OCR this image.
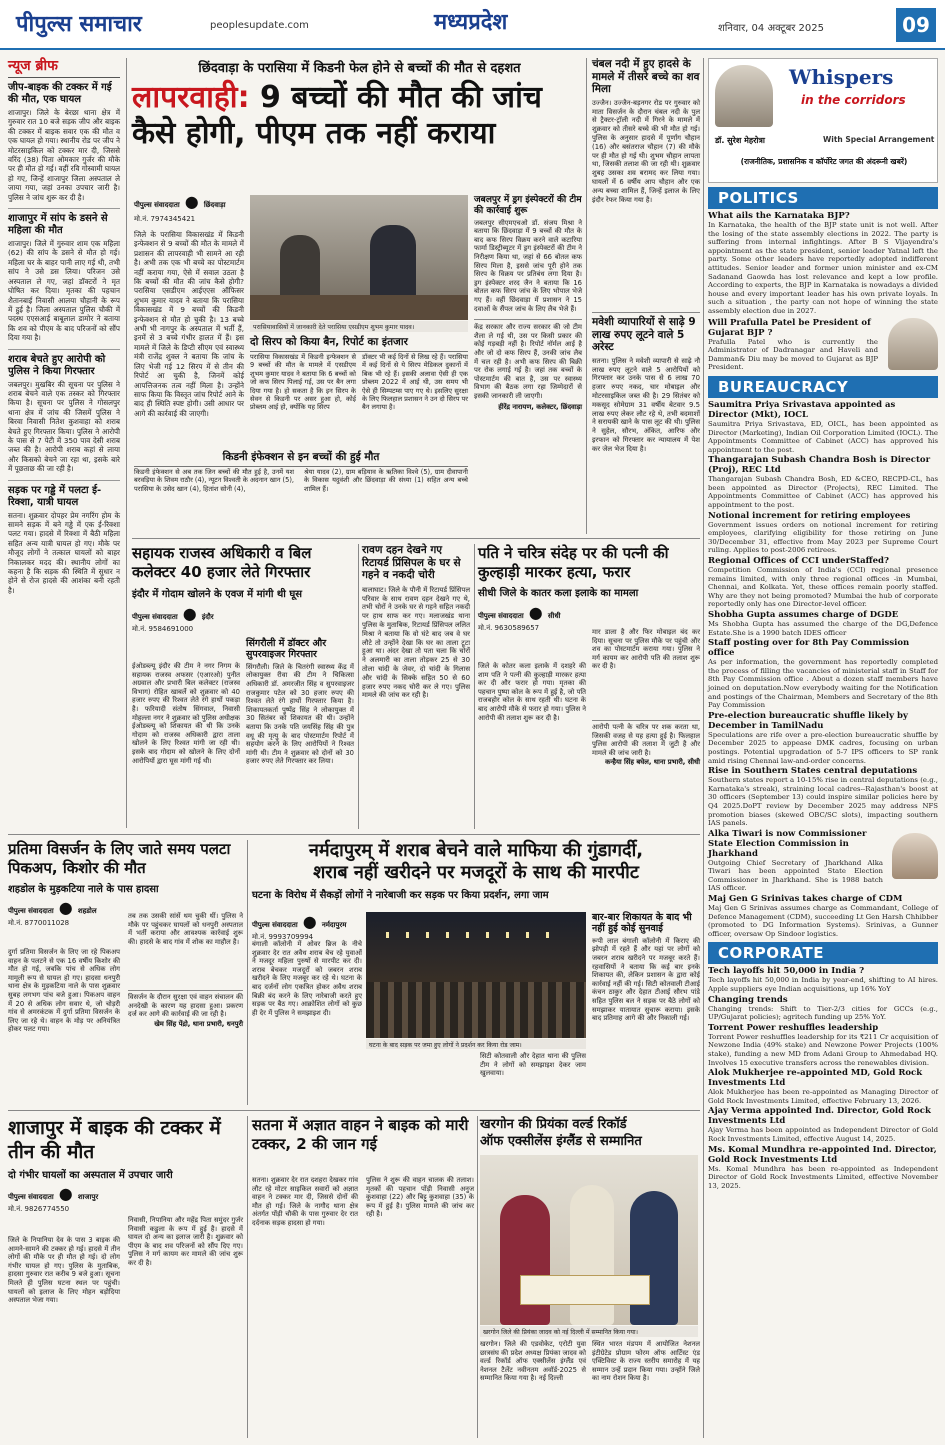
पीपुल्स समाचार	peoplesupdate.com	मध्यप्रदेश	शनिवार, 04 अक्टूबर 2025	09
न्यूज ब्रीफ
जीप-बाइक की टक्कर में गई की मौत, एक घायल
शाजापुर। जिले के बेरछा थाना क्षेत्र में गुरुवार रात 10 बजे सड़क जीप और बाइक की टक्कर में बाइक सवार एक की मौत व एक घायल हो गया। स्थानीय रोड पर जीप ने मोटरसाइकिल को टक्कर मार दी, जिससे वरिंद (38) पिता ओमकार गुर्जर की मौके पर ही मौत हो गई। वहीं रवि गोस्वामी घायल हो गए, जिन्हें शाजापुर जिला अस्पताल ले जाया गया, जहां उनका उपचार जारी है। पुलिस ने जांच शुरू कर दी है।
शाजापुर में सांप के डसने से महिला की मौत
शाजापुर। जिले में गुरुवार शाम एक महिला (62) की सांप के डसने से मौत हो गई। महिला घर के बाहर पानी लाए गई थी, तभी सांप ने उसे डस लिया। परिजन उसे अस्पताल ले गए, जहां डॉक्टरों ने मृत घोषित कर दिया। मृतका की पहचान शैतानबाई निवासी आलया चौहानी के रूप में हुई है। जिला अस्पताल पुलिस चौकी में पदस्थ एएसआई बाबूलाल डामोर ने बताया कि शव को पीएम के बाद परिजनों को सौंप दिया गया है।
शराब बेचते हुए आरोपी को पुलिस ने किया गिरफ्तार
जबलपुर। मुखबिर की सूचना पर पुलिस ने शराब बेचने वाले एक तस्कर को गिरफ्तार किया है। सूचना पर पुलिस ने गोसलपुर थाना क्षेत्र में जांच की जिसमें पुलिस ने बिरवा निवासी नितेश कुशवाहा को शराब बेचते हुए गिरफ्तार किया। पुलिस ने आरोपी के पास से 7 पेटी में 350 पाव देसी शराब जब्त की है। आरोपी शराब कहां से लाया और किसको बेचने जा रहा था, इसके बारे में पूछताछ की जा रही है।
सड़क पर गड्ढे में पलटा ई-रिक्शा, यात्री घायल
सतना। शुक्रवार दोपहर प्रेम नगरिंग होम के सामने सड़क में बने गड्ढे में एक ई-रिक्शा पलट गया। हादसे में रिक्शा में बैठी महिला सहित अन्य यात्री घायल हो गए। मौके पर मौजूद लोगों ने तत्काल घायलों को बाहर निकालकर मदद की। स्थानीय लोगों का कहना है कि सड़क की स्थिति में सुधार न होने से रोज हादसे की आशंका बनी रहती है।
छिंदवाड़ा के परासिया में किडनी फेल होने से बच्चों की मौत से दहशत
लापरवाही: 9 बच्चों की मौत की जांच
कैसे होगी, पीएम तक नहीं कराया
पीपुल्स संवाददाता ● छिंदवाड़ा
मो.नं. 7974345421
जिले के परासिया विकासखंड में किडनी इन्फेक्शन से 9 बच्चों की मौत के मामले में प्रशासन की लापरवाही भी सामने आ रही है। अभी तक एक भी बच्चे का पोस्टमार्टम नहीं कराया गया, ऐसे में सवाल उठता है कि बच्चों की मौत की जांच कैसे होगी? परासिया एसडीएम आईएएस ऑफिसर शुभम कुमार यादव ने बताया कि परासिया विकासखंड में 9 बच्चों की किडनी इन्फेक्शन से मौत हो चुकी है। 13 बच्चे अभी भी नागपुर के अस्पताल में भर्ती हैं, इनमें से 3 बच्चे गंभीर हालत में हैं। इस मामले में जिले के डिप्टी सीएम एवं स्वास्थ्य मंत्री राजेंद्र शुक्ल ने बताया कि जांच के लिए भेजी गई 12 सिरप में से तीन की रिपोर्ट आ चुकी है, जिनमें कोई आपत्तिजनक तत्व नहीं मिला है। उन्होंने साफ किया कि विस्तृत जांच रिपोर्ट आने के बाद ही स्थिति स्पष्ट होगी। उसी आधार पर आगे की कार्रवाई की जाएगी।
परासियावासियों में जानकारी देते परासिया एसडीएम शुभम कुमार यादव।
दो सिरप को किया बैन, रिपोर्ट का इंतजार
परासिया विकासखंड में किडनी इन्फेक्शन से 9 बच्चों की मौत के मामले में एसडीएम शुभम कुमार यादव ने बताया कि 6 बच्चों को जो कफ सिरप पिलाई गई, उस पर बैन लगा दिया गया है। हो सकता है कि इन सिरप के सेवन से किडनी पर असर हुआ हो, कोई प्रोब्लम आई हो, क्योंकि यह सिरप
डॉक्टर भी कई दिनों से लिख रहे हैं। परासिया में कई दिनों से ये सिरप मेडिकल दुकानों में बिक भी रहे हैं। इसकी अलावा ऐसी ही एक प्रोब्लम 2022 में आई थी, उस समय भी ऐसे ही सिम्पटम्स पाए गए थे। इसलिए सुरक्षा के लिए फिलहाल प्रशासन ने उन दो सिरप पर बैन लगाया है।
किडनी इंफेक्शन से इन बच्चों की हुई मौत
किडनी इंफेक्शन से अब तक जिन बच्चों की मौत हुई है, उनमें यश बरवड़िया के शिवम राठौर (4), न्यूटन विश्वती के अदनान खान (5), परासिया के उसेद खान (4), हितांश सोनी (4),
श्रेया यादव (2), ग्राम बड़ियाव के ऋतिका विश्वे (5), ग्राम दीवापानी के विकास यदुवंशी और छिंदवाड़ा की संध्या (1) सहित अन्य बच्चे शामिल हैं।
जबलपुर में ड्रग इंस्पेक्टरों की टीम की कार्रवाई शुरू
जबलपुर सीएमएचओ डॉ. संजय मिश्रा ने बताया कि छिंदवाड़ा में 9 बच्चों की मौत के बाद कफ सिरप विक्रय करने वाले कटारिया फार्मा डिस्ट्रीब्यूटर में ड्रग इंस्पेक्टरों की टीम ने निरीक्षण किया था, जहां से 66 बोतल कफ सिरप मिला है, इससे जांच पूरी होने तक सिरप के विक्रय पर प्रतिबंध लगा दिया है। ड्रग इंस्पेक्टर शरद जैन ने बताया कि 16 बोतल कफ सिरप जांच के लिए भोपाल भेजे गए हैं। वहीं छिंदवाड़ा में प्रशासन ने 15 दवाओं के सैंपल जांच के लिए लैब भेजे हैं।
केंद्र सरकार और राज्य सरकार की जो टीम शैला ले गई थी, उस पर किसी प्रकार की कोई गड़बड़ी नहीं है। रिपोर्ट नॉर्मल आई है और जो दो कफ सिरप हैं, उनकी जांच लैब में चल रही है। अभी कफ सिरप की बिक्री पर रोक लगाई गई है। जहां तक बच्चों के पोस्टमार्टम की बात है, उस पर स्वास्थ्य विभाग की बैठक लगा रहा जिम्मेदारों से इसकी जानकारी ली जाएगी।
हीरेंद्र नारायण, कलेक्टर, छिंदवाड़ा
चंबल नदी में हुए हादसे के मामले में तीसरे बच्चे का शव मिला
उज्जैन। उज्जैन-बड़नगर रोड पर गुरुवार को माता विसर्जन के दौरान चंबल नदी के पुल से ट्रैक्टर-ट्रॉली नदी में गिरने के मामले में शुक्रवार को तीसरे बच्चे की भी मौत हो गई। पुलिस के अनुसार हादसे में पूर्णांग चौहान (16) और बसंतराज चौहान (7) की मौके पर ही मौत हो गई थी। शुभम चौहान लापता था, जिसकी तलाश की जा रही थी। शुक्रवार शुबह उसका शव बरामद कर लिया गया। घायलों में 6 वर्षीय आप चौहान और एक अन्य बच्चा शामिल हैं, जिन्हें इलाज के लिए इंदौर रेफर किया गया है।
मवेशी व्यापारियों से साढ़े 9 लाख रुपए लूटने वाले 5 अरेस्ट
सतना। पुलिस ने मवेशी व्यापारी से साढ़े नौ लाख रुपए लूटने वाले 5 आरोपियों को गिरफ्तार कर उनके पास से 6 लाख 70 हजार रुपए नकद, चार मोबाइल और मोटरसाइकिल जब्त की है। 29 सितंबर को मकसूद सोमेग्राम 31 वर्षीय बेटवार 9.5 लाख रुपए लेकर लौट रहे थे, तभी बदमाशों ने सरायकी खाने के पास लूट की थी। पुलिस ने सुहेल, सौरभ, अंकित, आरिफ और इरफान को गिरफ्तार कर न्यायालय में पेश कर जेल भेज दिया है।
Whispers
in the corridors
डॉ. सुरेश मेहरोत्रा	With Special Arrangement
(राजनीतिक, प्रशासनिक व कॉर्पोरेट जगत की अंदरूनी खबरें)
POLITICS
What ails the Karnataka BJP?
In Karnataka, the health of the BJP state unit is not well. After the losing of the state assembly elections in 2022. The party is suffering from internal infightings. After B S Vijayendra's appointment as the state president, senior leader Yatnal left the party. Some other leaders have reportedly adopted indifferent attitudes. Senior leader and former union minister and ex-CM Sadanand Gaowda has lost relevance and kept a low profile. According to experts, the BJP in Karnataka is nowadays a divided house and every important leader has his own private loyals. In such a situation , the party can not hope of winning the state assembly election due in 2027.
Will Prafulla Patel be President of Gujarat BJP ?
Prafulla Patel who is currently the Administrator of Dadranagar and Haveli and Damman& Diu may be moved to Gujarat as BJP President.
BUREAUCRACY
Saumitra Priya Srivastava appointed as Director (Mkt), IOCL
Saumitra Priya Srivastava, ED, OICL, has been appointed as Director (Marketing), Indian Oil Corporation Limited (IOCL). The Appointments Committee of Cabinet (ACC) has approved his appointment to the post.
Thangarajan Subash Chandra Bosh is Director (Proj), REC Ltd
Thangarajan Subash Chandra Bosh, ED &CEO, RECPD-CL, has been appointed as Director (Projects), REC Limited. The Appointments Committee of Cabinet (ACC) has approved his appointment to the post.
Notional increment for retiring employees
Government issues orders on notional increment for retiring employees, clarifying eligibility for those retiring on June 30/December 31, effective from May 2023 per Supreme Court ruling. Applies to post-2006 retirees.
Regional Offices of CCI underStaffed?
Competition Commission of India's (CCI) regional presence remains limited, with only three regional offices -in Mumbai, Chennai, and Kolkata. Yet, these offices remain poorly staffed. Why are they not being promoted? Mumbai the hub of corporate reportedly only has one Director-level officer.
Shobha Gupta assumes charge of DGDE
Ms Shobha Gupta has assumed the charge of the DG,Defence Estate.She is a 1990 batch IDES officer
Staff posting over for 8th Pay Commission office
As per information, the government has reportedly completed the process of filling the vacancies of ministerial staff in Staff for 8th Pay Commission office . About a dozen staff members have joined on deputation.Now everybody waiting for the Notification and postings of the Chairman, Members and Secretary of the 8th Pay Commission
Pre-election bureaucratic shuffle likely by December in TamilNadu
Speculations are rife over a pre-election bureaucratic shuffle by December 2025 to appease DMK cadres, focusing on urban postings. Potential upgradation of 5-7 IPS officers to SP rank amid rising Chennai law-and-order concerns.
Rise in Southern States central deputations
Southern states report a 10-15% rise in central deputations (e.g., Karnataka's streak), straining local cadres--Rajasthan's boost at 30 officers (September 13) could inspire similar policies here by Q4 2025.DoPT review by December 2025 may address NFS promotion biases (skewed OBC/SC slots), impacting southern IAS panels.
Alka Tiwari is now Commissioner State Election Commission in Jharkhand
Outgoing Chief Secretary of Jharkhand Alka Tiwari has been appointed State Election Commissioner in Jharkhand. She is 1988 batch IAS officer.
Maj Gen G Srinivas takes charge of CDM
Maj Gen G Srinivas assumes charge as Commandant, College of Defence Management (CDM), succeeding Lt Gen Harsh Chhibber (promoted to DG Information Systems). Srinivas, a Gunner officer, oversaw Op Sindoor logistics.
CORPORATE
Tech layoffs hit 50,000 in India ?
Tech layoffs hit 50,000 in India by year-end, shifting to AI hires. Apple suppliers eye Indian acquisitions, up 16% YoY
Changing trends
Changing trends: Shift to Tier-2/3 cities for GCCs (e.g., UP/Gujarat policies); agritech funding up 25% YoY.
Torrent Power reshuffles leadership
Torrent Power reshuffles leadership for its ₹211 Cr acquisition of Newzone India (49% stake) and Newzone Power Projects (100% stake), funding a new MD from Adani Group to Ahmedabad HQ. Involves 15 executive transfers across the renewables division.
Alok Mukherjee re-appointed MD, Gold Rock Investments Ltd
Alok Mukherjee has been re-appointed as Managing Director of Gold Rock Investments Limited, effective February 13, 2026.
Ajay Verma appointed Ind. Director, Gold Rock Investments Ltd
Ajay Verma has been appointed as Independent Director of Gold Rock Investments Limited, effective August 14, 2025.
Ms. Komal Mundhra re-appointed Ind. Director, Gold Rock Investments Ltd
Ms. Komal Mundhra has been re-appointed as Independent Director of Gold Rock Investments Limited, effective November 13, 2025.
सहायक राजस्व अधिकारी व बिल कलेक्टर 40 हजार लेते गिरफ्तार
इंदौर में गोदाम खोलने के एवज में मांगी थी घूस
पीपुल्स संवाददाता ● इंदौर
मो.नं. 9584691000
ईओडब्ल्यू इंदौर की टीम ने नगर निगम के सहायक राजस्व अफसर (एआरओ) पुनीत अग्रवाल और प्रभारी बिल कलेक्टर (राजस्व विभाग) रोहित खाबर्ले को शुक्रवार को 40 हजार रुपए की रिश्वत लेते रंगे हाथों पकड़ा है। फरियादी संतोष सिंगवाल, निवासी मोहल्ला नगर ने शुक्रवार को पुलिस अधीक्षक ईओडब्ल्यू को शिकायत की थी कि उनके गोदाम को राजस्व अधिकारी द्वारा ताला खोलने के लिए रिश्वत मांगी जा रही थी। इसके बाद गोदाम को खोलने के लिए दोनों आरोपियों द्वारा घूस मांगी गई थी।
सिंगरौली में डॉक्टर और सुपरवाइजर गिरफ्तार
सिंगरौली। जिले के चितरंगी स्वास्थ्य केंद्र में लोकायुक्त रीवा की टीम ने चिकित्सा अधिकारी डॉ. अमरजीत सिंह व सुपरवाइजर राजकुमार पटेल को 30 हजार रुपए की रिश्वत लेते रंगे हाथों गिरफ्तार किया है। शिकायतकर्ता पुष्पेंद्र सिंह ने लोकायुक्त में 30 सितंबर को शिकायत की थी। उन्होंने बताया कि उनके पति जयसिंह सिंह की पुत्र वधू की मृत्यु के बाद पोस्टमार्टम रिपोर्ट में सहयोग करने के लिए आरोपियों ने रिश्वत मांगी थी। टीम ने शुक्रवार को दोनों को 30 हजार रुपए लेते गिरफ्तार कर लिया।
रावण दहन देखने गए रिटायर्ड प्रिंसिपल के घर से गहने व नकदी चोरी
बालाघाट। जिले के पौनी में रिटायर्ड प्रिंसिपल परिवार के साथ रावण दहन देखने गए थे, तभी चोरों ने उनके घर से गहने सहित नकदी पर हाथ साफ कर गए। मलाजखंड थाना पुलिस के मुताबिक, रिटायर्ड प्रिंसिपल ललित मिश्रा ने बताया कि वो घंटे बाद जब वे घर लौटे तो उन्होंने देखा कि घर का ताला टूटा हुआ था। अंदर देखा तो पता चला कि चोरों ने अलमारी का ताला तोड़कर 25 से 30 तोला चांदी के जेवर, दो चांदी के गिलास और चांदी के सिक्के सहित 50 से 60 हजार रुपए नकद चोरी कर ले गए। पुलिस मामले की जांच कर रही है।
पति ने चरित्र संदेह पर की पत्नी की कुल्हाड़ी मारकर हत्या, फरार
सीधी जिले के कातर कला इलाके का मामला
पीपुल्स संवाददाता ● सीधी
मो.नं. 9630589657
जिले के कोतर कला इलाके में दशहरे की शाम पति ने पत्नी की कुल्हाड़ी मारकर हत्या कर दी और फरार हो गया। मृतका की पहचान पुष्पा कोल के रूप में हुई है, जो पति राजबहोर कोल के साथ रहती थी। घटना के बाद आरोपी मौके से फरार हो गया। पुलिस ने आरोपी की तलाश शुरू कर दी है।
मार डाला है और फिर मोबाइल बंद कर दिया। सूचना पर पुलिस मौके पर पहुंची और शव का पोस्टमार्टम कराया गया। पुलिस ने मर्ग कायम कर आरोपी पति की तलाश शुरू कर दी है।
आरोपी पत्नी के चरित्र पर शक करता था, जिसकी वजह से यह हत्या हुई है। फिलहाल पुलिस आरोपी की तलाश में जुटी है और मामले की जांच जारी है।
कन्हैया सिंह बघेल, थाना प्रभारी, सीधी
प्रतिमा विसर्जन के लिए जाते समय पलटा पिकअप, किशोर की मौत
शहडोल के मुड़कटिया नाले के पास हादसा
पीपुल्स संवाददाता ● शहडोल
मो.नं. 8770011028
दुर्गा प्रतिमा विसर्जन के लिए जा रहे पिकअप वाहन के पलटने से एक 16 वर्षीय किशोर की मौत हो गई, जबकि पांच से अधिक लोग मामूली रूप से घायल हो गए। हादसा धनपुरी थाना क्षेत्र के मुड़कटिया नाले के पास शुक्रवार सुबह लगभग पांच बजे हुआ। पिकअप वाहन में 20 से अधिक लोग सवार थे, जो चोड़री गांव से अमरकंटक में दुर्गा प्रतिमा विसर्जन के लिए जा रहे थे। वाहन के मोड़ पर अनियंत्रित होकर पलट गया।
तब तक उसकी सांसें थम चुकी थीं। पुलिस ने मौके पर पहुंचकर घायलों को धनपुरी अस्पताल में भर्ती कराया और आवश्यक कार्रवाई शुरू की। हादसे के बाद गांव में शोक का माहौल है।
विसर्जन के दौरान सुरक्षा एवं वाहन संचालन की अनदेखी के कारण यह हादसा हुआ। प्रकरण दर्ज कर आगे की कार्रवाई की जा रही है।
खेम सिंह पेंद्रो, थाना प्रभारी, धनपुरी
नर्मदापुरम् में शराब बेचने वाले माफिया की गुंडागर्दी,
शराब नहीं खरीदने पर मजदूरों के साथ की मारपीट
घटना के विरोध में सैकड़ों लोगों ने नारेबाजी कर सड़क पर किया प्रदर्शन, लगा जाम
पीपुल्स संवाददाता ● नर्मदापुरम
मो.नं. 9993709994
बंगाली कॉलोनी में ओवर ब्रिज के नीचे शुक्रवार देर रात अवैध शराब बेच रहे युवाओं ने मजदूर महिला पुरुषों से मारपीट कर दी। शराब बेचकर मजदूरों को जबरन शराब खरीदने के लिए मजबूर कर रहे थे। घटना के बाद दर्जनों लोग एकत्रित होकर अवैध शराब बिक्री बंद करने के लिए नारेबाजी करते हुए सड़क पर बैठ गए। आक्रोशित लोगों को कुछ ही देर में पुलिस ने समझाइश दी।
घटना के बाद सड़क पर जमा हुए लोगों ने प्रदर्शन कर किया रोड जाम।
सिटी कोतवाली और देहात थाना की पुलिस टीम ने लोगों को समझाइश देकर जाम खुलवाया।
बार-बार शिकायत के बाद भी नहीं हुई कोई सुनवाई
रूपी लाल बंगाली कॉलोनी में किराए की झोपड़ी में रहते हैं और यहां पर लोगों को जबरन शराब खरीदने पर मजबूर करते हैं। रहवासियों ने बताया कि कई बार इनके शिकायत की, लेकिन प्रशासन के द्वारा कोई कार्रवाई नहीं की गई। सिटी कोतवाली टीआई कंचन ठाकुर और देहात टीआई सौरभ पांडे सहित पुलिस बल ने सड़क पर बैठे लोगों को समझाकर यातायात सुचारू कराया। इसके बाद प्रतिमाह आगे की और निकाली गई।
शाजापुर में बाइक की टक्कर में तीन की मौत
दो गंभीर घायलों का अस्पताल में उपचार जारी
पीपुल्स संवाददाता ● शाजापुर
मो.नं. 9826774550
जिले के निपानिया देव के पास 3 बाइक की आमने-सामने की टक्कर हो गई। हादसे में तीन लोगों की मौके पर ही मौत हो गई। दो लोग गंभीर घायल हो गए। पुलिस के मुताबिक, हादसा गुरुवार रात करीब 9 बजे हुआ। सूचना मिलते ही पुलिस घटना स्थल पर पहुंची। घायलों को इलाज के लिए मोहन बड़ोदिया अस्पताल भेजा गया।
निवासी, निपानिया और महेंद्र पिता समुंदर गुर्जर निवासी कडुला के रूप में हुई है। हादसे में घायल दो अन्य का इलाज जारी है। शुक्रवार को पीएम के बाद शव परिजनों को सौंप दिए गए। पुलिस ने मर्ग कायम कर मामले की जांच शुरू कर दी है।
सतना में अज्ञात वाहन ने बाइक को मारी टक्कर, 2 की जान गई
सतना। शुक्रवार देर रात दशहरा देखकर गांव लौट रहे मोटर साइकिल सवारों को अज्ञात वाहन ने टक्कर मार दी, जिससे दोनों की मौत हो गई। जिले के नागौद थाना क्षेत्र अंतर्गत पोंड़ी चौकी के पास गुरुवार देर रात दर्दनाक सड़क हादसा हो गया।
पुलिस ने शुरू की वाहन चालक की तलाश। मृतकों की पहचान पोंड़ी निवासी अनुज कुशवाहा (22) और बिट्टू कुशवाहा (35) के रूप में हुई है। पुलिस मामले की जांच कर रही है।
खरगोन की प्रियंका वर्ल्ड रिकॉर्ड
ऑफ एक्सीलेंस इंग्लैंड से सम्मानित
खरगोन जिले की प्रियंका जादव को नई दिल्ली में सम्मानित किया गया।
खरगोन। जिले की एडवोकेट, एरोटी युवा छात्रसंघ की प्रदेश अध्यक्ष प्रियंका जादव को वर्ल्ड रिकॉर्ड ऑफ एक्सीलेंस इंग्लैंड एवं नेशनल टैलेंट नवीनतम अवॉर्ड-2025 से सम्मानित किया गया है। नई दिल्ली
स्थित भारत मंडपम में आयोजित नेशनल इंटीग्रेटेड प्रोग्राम फोरम ऑफ आर्टिस्ट एंड एक्टिविस्ट के राज्य स्तरीय समारोह में यह सम्मान उन्हें प्रदान किया गया। उन्होंने जिले का नाम रोशन किया है।
